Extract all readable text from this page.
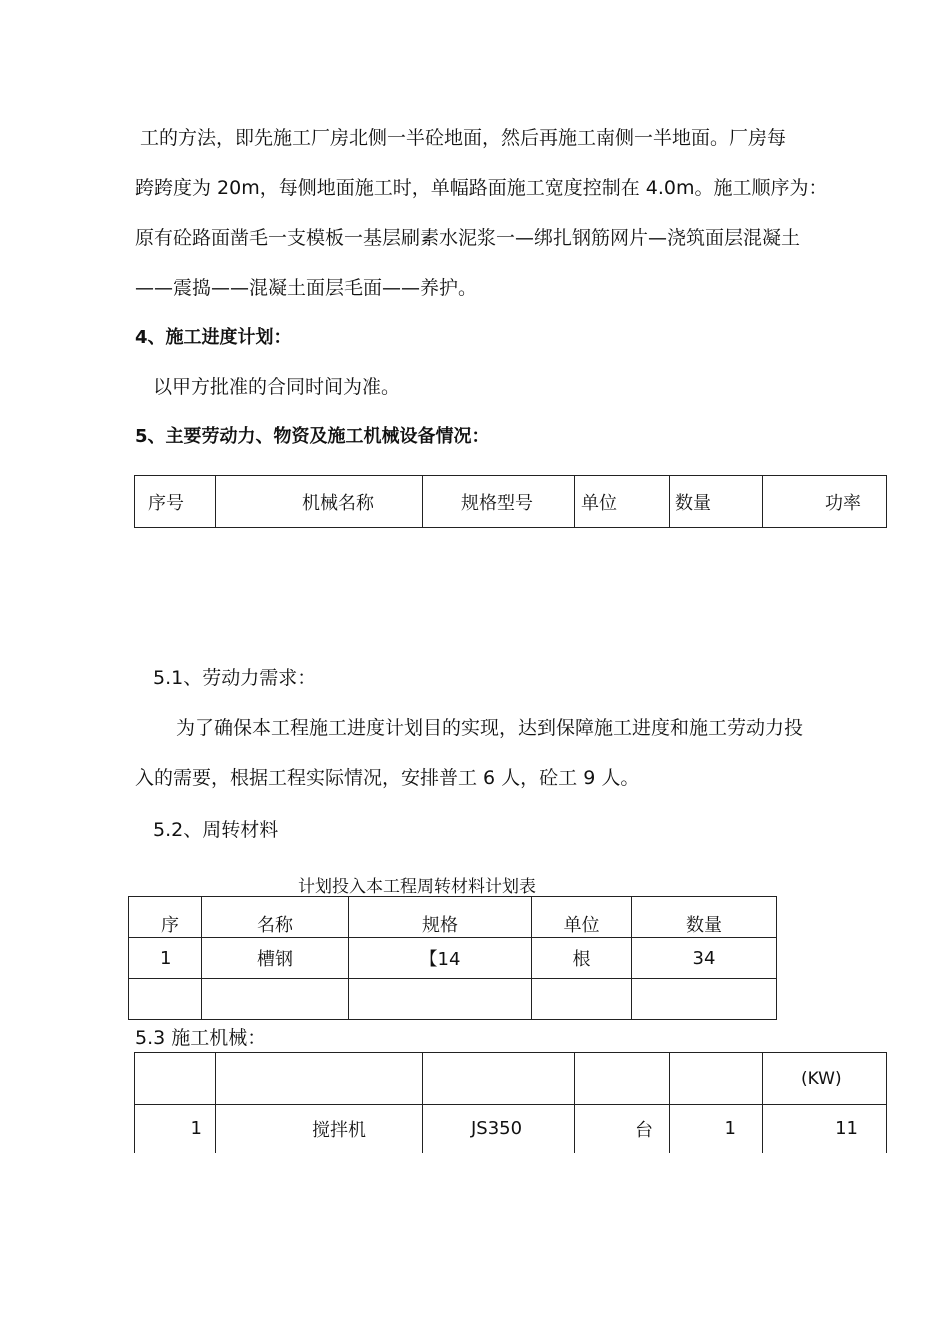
工的方法，即先施工厂房北侧一半砼地面，然后再施工南侧一半地面。厂房每
跨跨度为 20m，每侧地面施工时，单幅路面施工宽度控制在 4.0m。施工顺序为：
原有砼路面凿毛一支模板一基层刷素水泥浆一—绑扎钢筋网片—浇筑面层混凝土
——震捣——混凝土面层毛面——养护。
4、施工进度计划：
以甲方批准的合同时间为准。
5、主要劳动力、物资及施工机械设备情况：
序号	机械名称	规格型号	单位	数量	功率
5.1、劳动力需求：
为了确保本工程施工进度计划目的实现，达到保障施工进度和施工劳动力投
入的需要，根据工程实际情况，安排普工 6 人，砼工 9 人。
5.2、周转材料
计划投入本工程周转材料计划表
序	名称	规格	单位	数量
1	槽钢	【14	根	34

5.3 施工机械：
					(KW)
1	搅拌机	JS350	台	1	11
